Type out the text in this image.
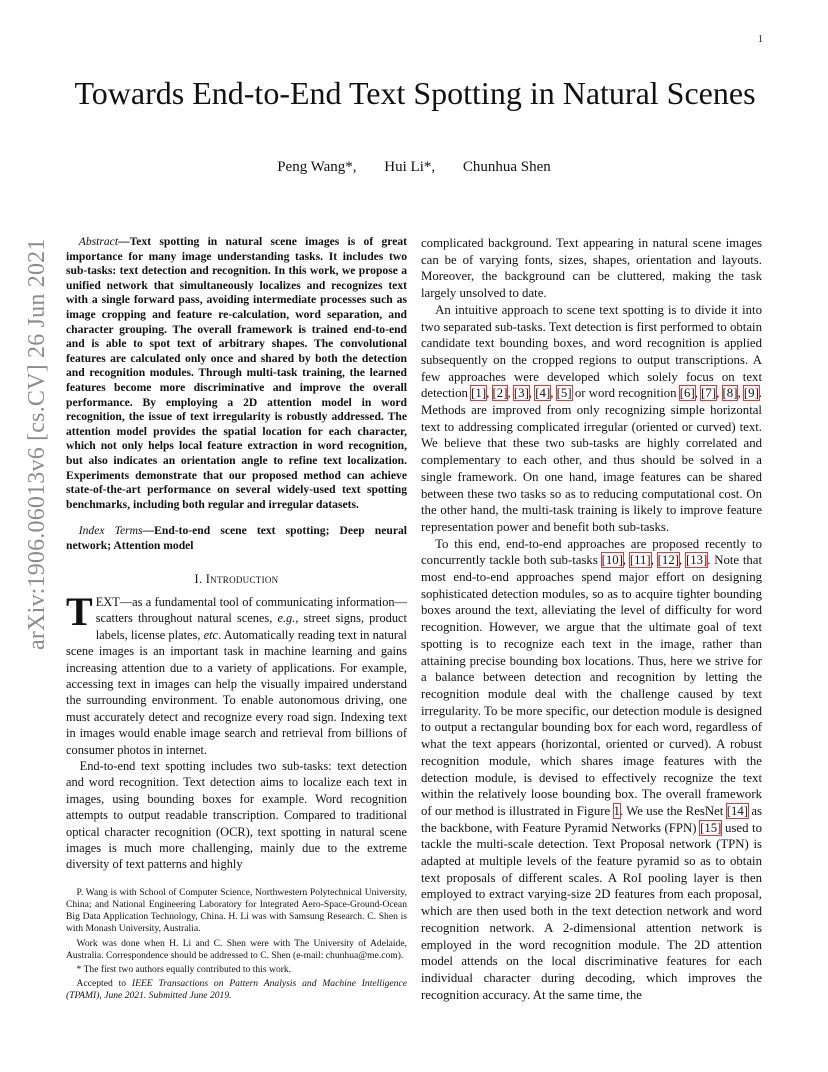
1
Towards End-to-End Text Spotting in Natural Scenes
Peng Wang*, Hui Li*, Chunhua Shen
arXiv:1906.06013v6 [cs.CV] 26 Jun 2021	Abstract—Text spotting in natural scene images is of great importance for many image understanding tasks. It includes two sub-tasks: text detection and recognition. In this work, we propose a unified network that simultaneously localizes and recognizes text with a single forward pass, avoiding intermediate processes such as image cropping and feature re-calculation, word separation, and character grouping. The overall framework is trained end-to-end and is able to spot text of arbitrary shapes. The convolutional features are calculated only once and shared by both the detection and recognition modules. Through multi-task training, the learned features become more discriminative and improve the overall performance. By employing a 2D attention model in word recognition, the issue of text irregularity is robustly addressed. The attention model provides the spatial location for each character, which not only helps local feature extraction in word recognition, but also indicates an orientation angle to refine text localization. Experiments demonstrate that our proposed method can achieve state-of-the-art performance on several widely-used text spotting benchmarks, including both regular and irregular datasets.

Index Terms—End-to-end scene text spotting; Deep neural network; Attention model

I. Introduction

TEXT—as a fundamental tool of communicating information—scatters throughout natural scenes, e.g., street signs, product labels, license plates, etc. Automatically reading text in natural scene images is an important task in machine learning and gains increasing attention due to a variety of applications. For example, accessing text in images can help the visually impaired understand the surrounding environment. To enable autonomous driving, one must accurately detect and recognize every road sign. Indexing text in images would enable image search and retrieval from billions of consumer photos in internet.

End-to-end text spotting includes two sub-tasks: text detection and word recognition. Text detection aims to localize each text in images, using bounding boxes for example. Word recognition attempts to output readable transcription. Compared to traditional optical character recognition (OCR), text spotting in natural scene images is much more challenging, mainly due to the extreme diversity of text patterns and highly

P. Wang is with School of Computer Science, Northwestern Polytechnical University, China; and National Engineering Laboratory for Integrated Aero-Space-Ground-Ocean Big Data Application Technology, China. H. Li was with Samsung Research. C. Shen is with Monash University, Australia.

Work was done when H. Li and C. Shen were with The University of Adelaide, Australia. Correspondence should be addressed to C. Shen (e-mail: chunhua@me.com).

* The first two authors equally contributed to this work.

Accepted to IEEE Transactions on Pattern Analysis and Machine Intelligence (TPAMI), June 2021. Submitted June 2019.

complicated background. Text appearing in natural scene images can be of varying fonts, sizes, shapes, orientation and layouts. Moreover, the background can be cluttered, making the task largely unsolved to date.

An intuitive approach to scene text spotting is to divide it into two separated sub-tasks. Text detection is first performed to obtain candidate text bounding boxes, and word recognition is applied subsequently on the cropped regions to output transcriptions. A few approaches were developed which solely focus on text detection [1], [2], [3], [4], [5] or word recognition [6], [7], [8], [9]. Methods are improved from only recognizing simple horizontal text to addressing complicated irregular (oriented or curved) text. We believe that these two sub-tasks are highly correlated and complementary to each other, and thus should be solved in a single framework. On one hand, image features can be shared between these two tasks so as to reducing computational cost. On the other hand, the multi-task training is likely to improve feature representation power and benefit both sub-tasks.

To this end, end-to-end approaches are proposed recently to concurrently tackle both sub-tasks [10], [11], [12], [13]. Note that most end-to-end approaches spend major effort on designing sophisticated detection modules, so as to acquire tighter bounding boxes around the text, alleviating the level of difficulty for word recognition. However, we argue that the ultimate goal of text spotting is to recognize each text in the image, rather than attaining precise bounding box locations. Thus, here we strive for a balance between detection and recognition by letting the recognition module deal with the challenge caused by text irregularity. To be more specific, our detection module is designed to output a rectangular bounding box for each word, regardless of what the text appears (horizontal, oriented or curved). A robust recognition module, which shares image features with the detection module, is devised to effectively recognize the text within the relatively loose bounding box. The overall framework of our method is illustrated in Figure 1. We use the ResNet [14] as the backbone, with Feature Pyramid Networks (FPN) [15] used to tackle the multi-scale detection. Text Proposal network (TPN) is adapted at multiple levels of the feature pyramid so as to obtain text proposals of different scales. A RoI pooling layer is then employed to extract varying-size 2D features from each proposal, which are then used both in the text detection network and word recognition network. A 2-dimensional attention network is employed in the word recognition module. The 2D attention model attends on the local discriminative features for each individual character during decoding, which improves the recognition accuracy. At the same time, the
